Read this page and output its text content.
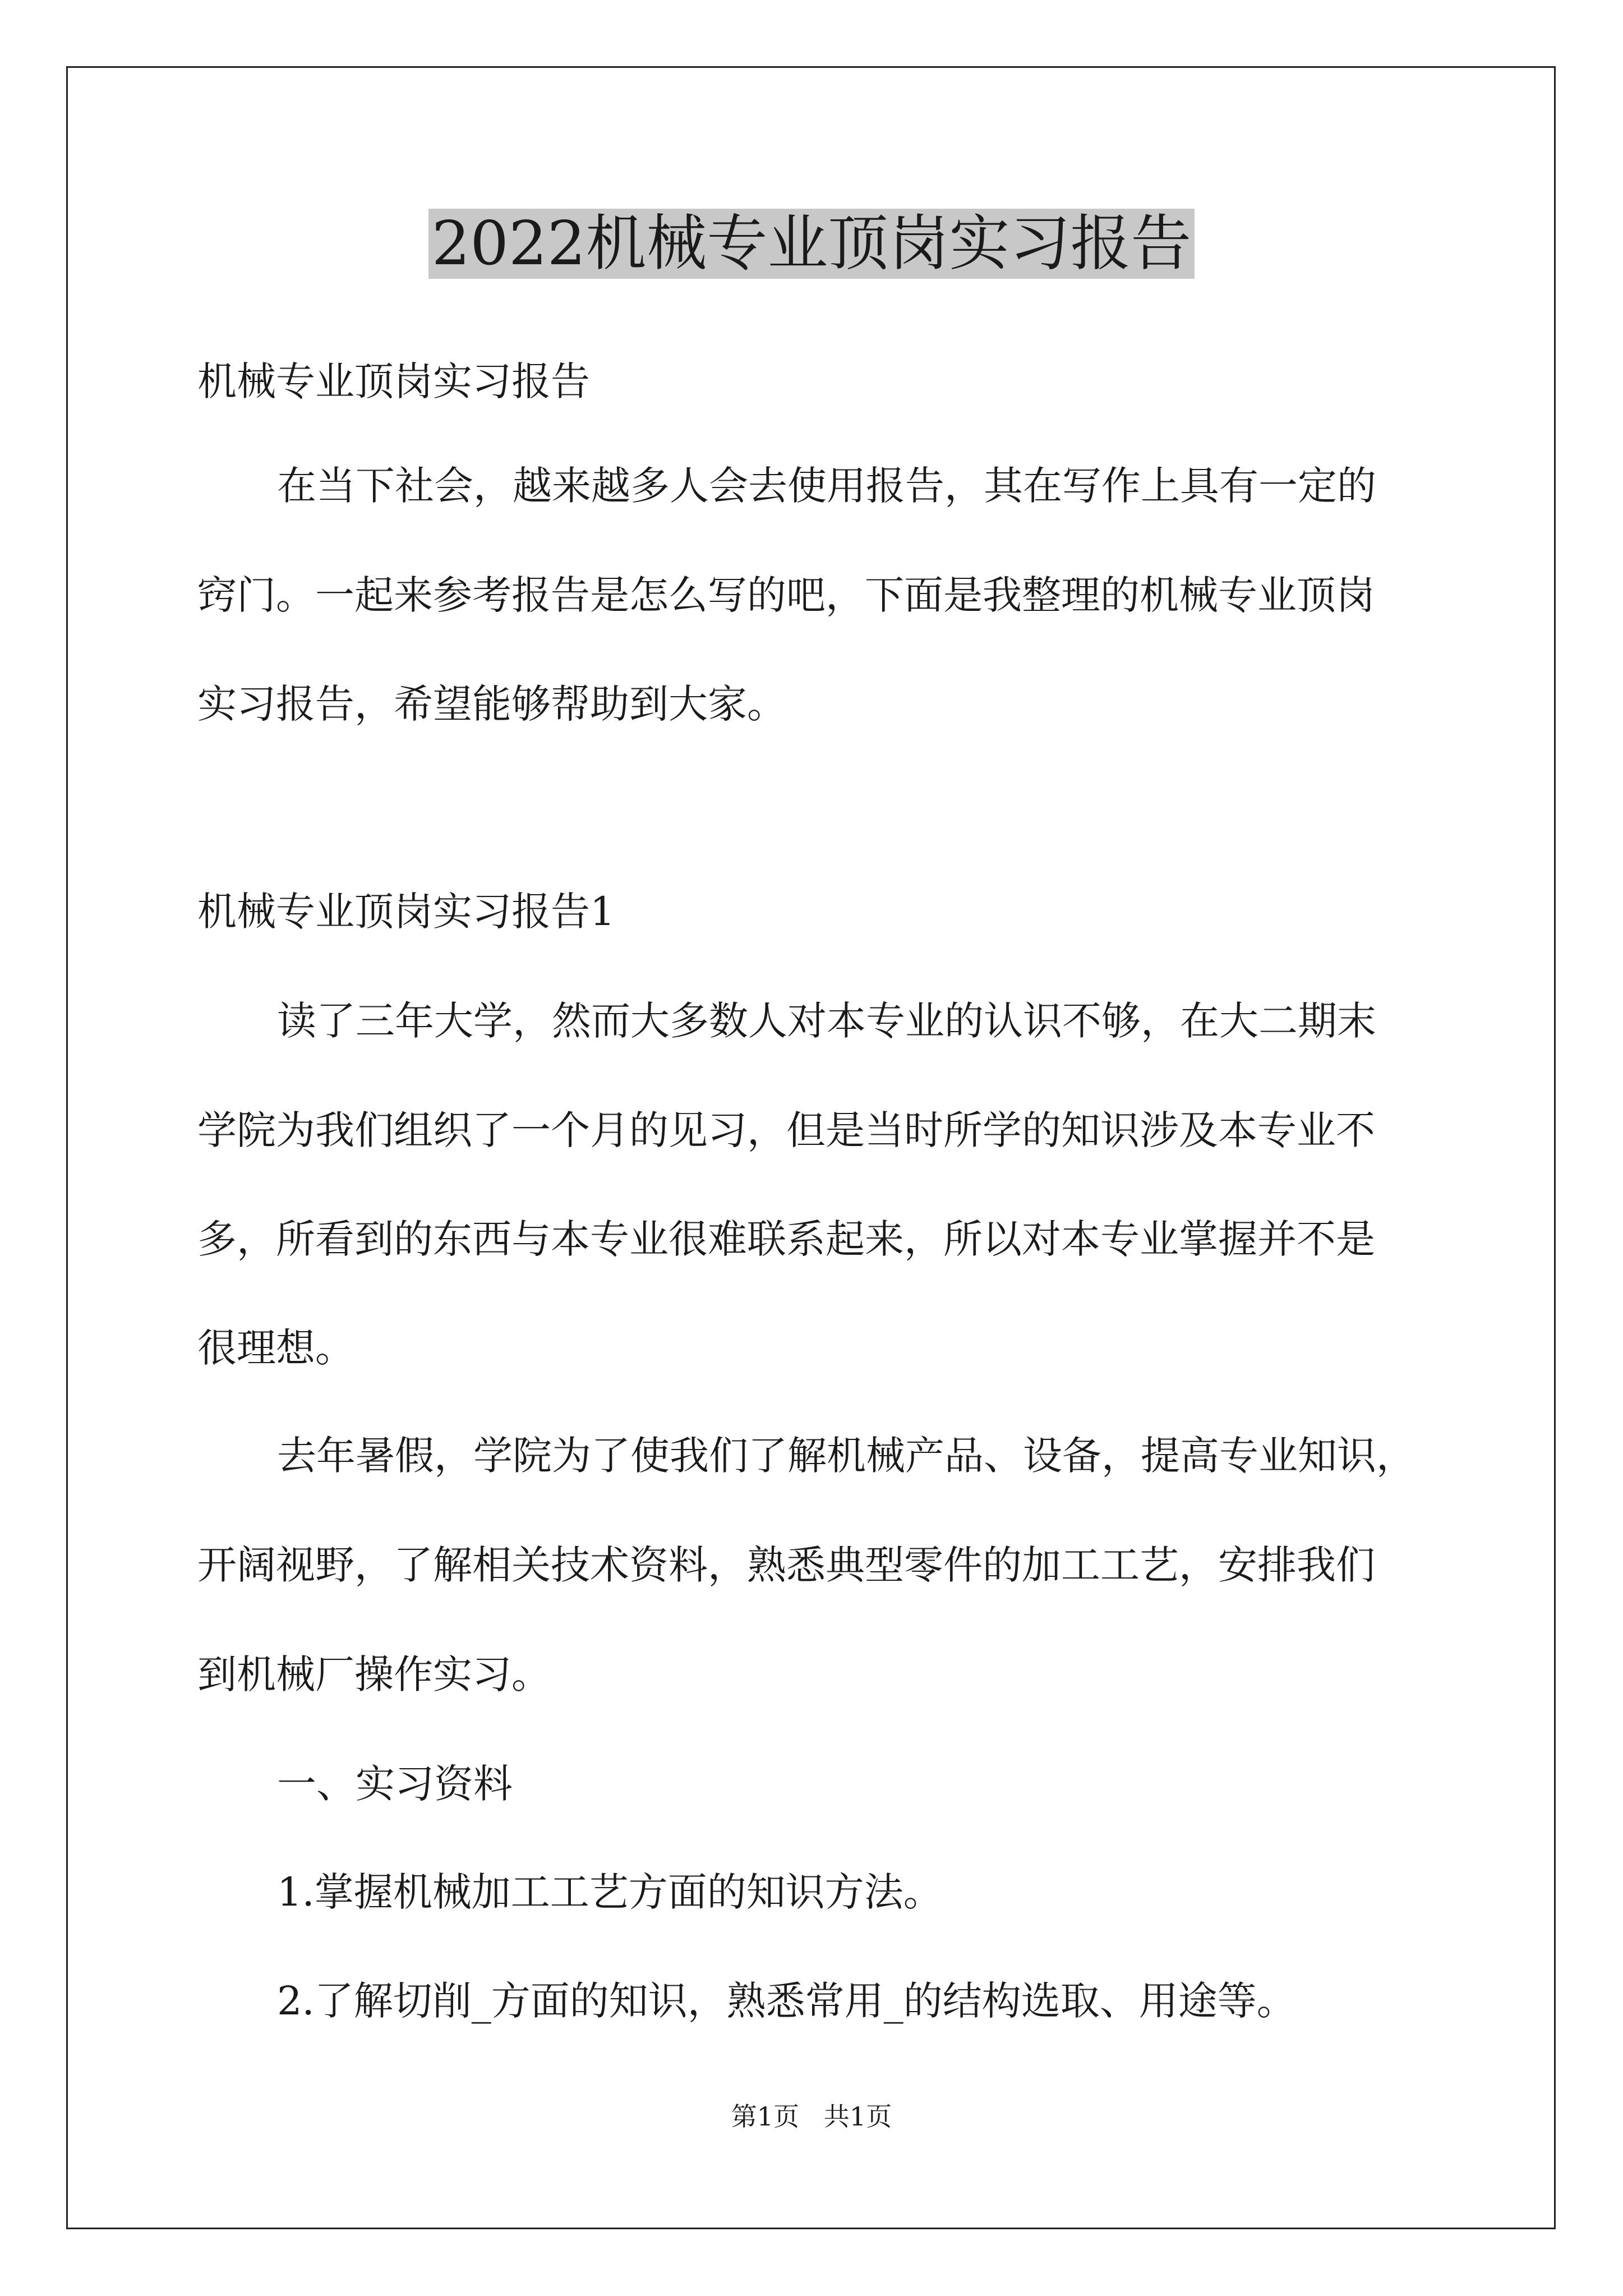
2022机械专业顶岗实习报告
机械专业顶岗实习报告
在当下社会，越来越多人会去使用报告，其在写作上具有一定的
窍门。一起来参考报告是怎么写的吧，下面是我整理的机械专业顶岗
实习报告，希望能够帮助到大家。
机械专业顶岗实习报告1
读了三年大学，然而大多数人对本专业的认识不够，在大二期末
学院为我们组织了一个月的见习，但是当时所学的知识涉及本专业不
多，所看到的东西与本专业很难联系起来，所以对本专业掌握并不是
很理想。
去年暑假，学院为了使我们了解机械产品、设备，提高专业知识，
开阔视野，了解相关技术资料，熟悉典型零件的加工工艺，安排我们
到机械厂操作实习。
一、实习资料
1.掌握机械加工工艺方面的知识方法。
2.了解切削_方面的知识，熟悉常用_的结构选取、用途等。
第1页   共1页
